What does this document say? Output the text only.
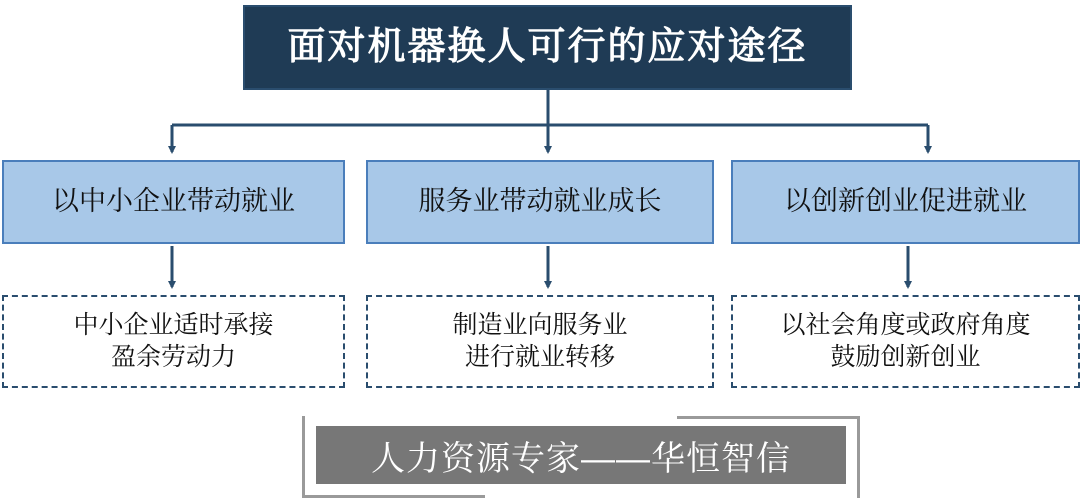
面对机器换人可行的应对途径
以中小企业带动就业	服务业带动就业成长	以创新创业促进就业
中小企业适时承接
盈余劳动力
制造业向服务业
进行就业转移
以社会角度或政府角度
鼓励创新创业
人力资源专家——华恒智信
